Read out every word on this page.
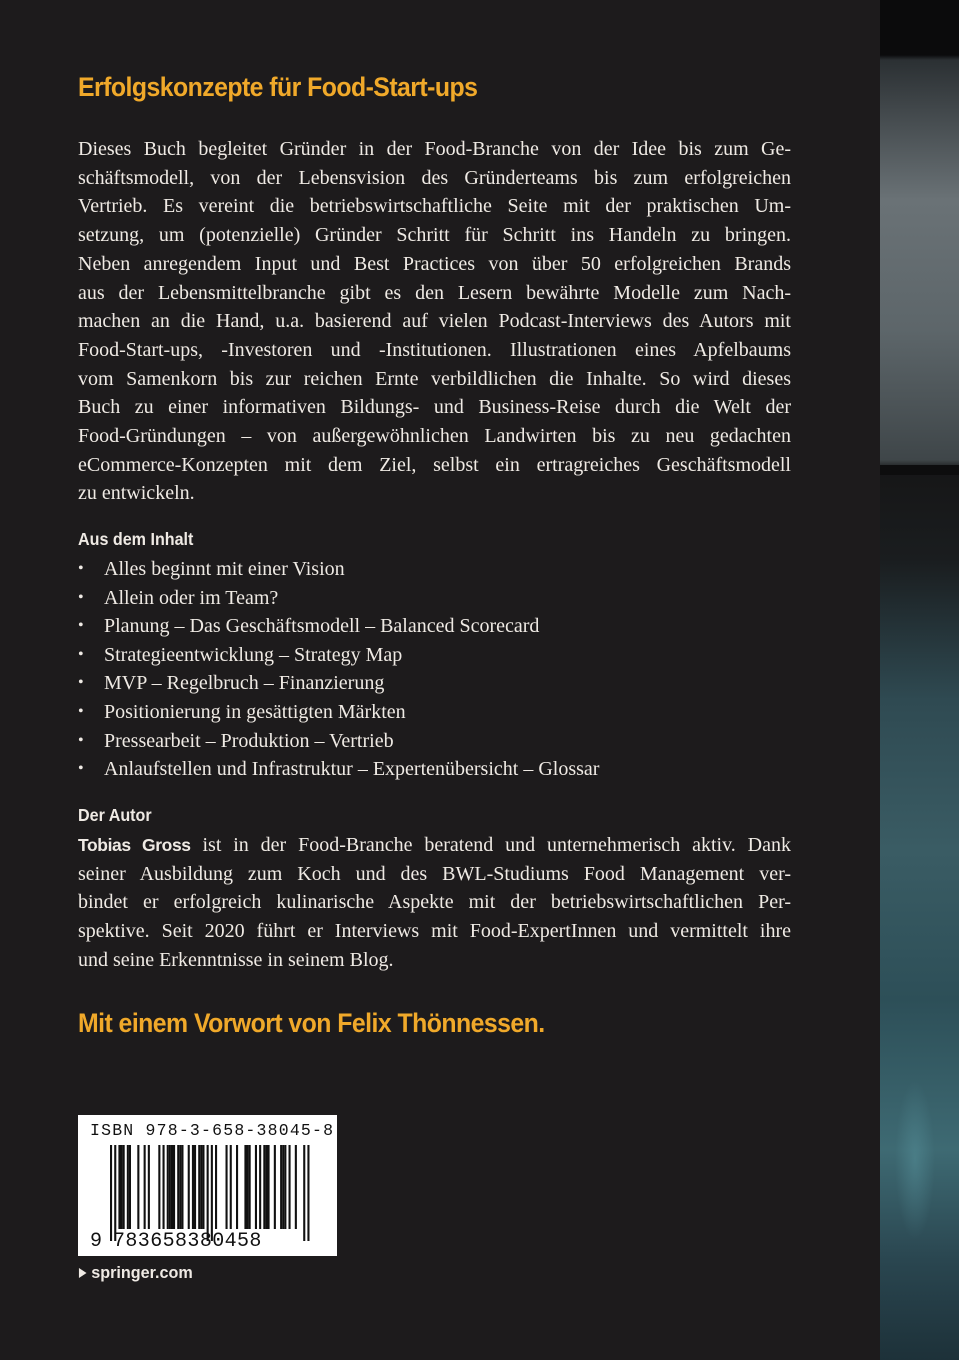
Erfolgskonzepte für Food-Start-ups
Dieses Buch begleitet Gründer in der Food-Branche von der Idee bis zum Ge-
schäftsmodell, von der Lebensvision des Gründerteams bis zum erfolgreichen
Vertrieb. Es vereint die betriebswirtschaftliche Seite mit der praktischen Um-
setzung, um (potenzielle) Gründer Schritt für Schritt ins Handeln zu bringen.
Neben anregendem Input und Best Practices von über 50 erfolgreichen Brands
aus der Lebensmittelbranche gibt es den Lesern bewährte Modelle zum Nach-
machen an die Hand, u.a. basierend auf vielen Podcast-Interviews des Autors mit
Food-Start-ups, -Investoren und -Institutionen. Illustrationen eines Apfelbaums
vom Samenkorn bis zur reichen Ernte verbildlichen die Inhalte. So wird dieses
Buch zu einer informativen Bildungs- und Business-Reise durch die Welt der
Food-Gründungen – von außergewöhnlichen Landwirten bis zu neu gedachten
eCommerce-Konzepten mit dem Ziel, selbst ein ertragreiches Geschäftsmodell
zu entwickeln.
Aus dem Inhalt
• Alles beginnt mit einer Vision
• Allein oder im Team?
• Planung – Das Geschäftsmodell – Balanced Scorecard
• Strategieentwicklung – Strategy Map
• MVP – Regelbruch – Finanzierung
• Positionierung in gesättigten Märkten
• Pressearbeit – Produktion – Vertrieb
• Anlaufstellen und Infrastruktur – Expertenübersicht – Glossar
Der Autor
Tobias Gross ist in der Food-Branche beratend und unternehmerisch aktiv. Dank
seiner Ausbildung zum Koch und des BWL-Studiums Food Management ver-
bindet er erfolgreich kulinarische Aspekte mit der betriebswirtschaftlichen Per-
spektive. Seit 2020 führt er Interviews mit Food-ExpertInnen und vermittelt ihre
und seine Erkenntnisse in seinem Blog.
Mit einem Vorwort von Felix Thönnessen.
ISBN 978-3-658-38045-8
9 783658380458
springer.com
